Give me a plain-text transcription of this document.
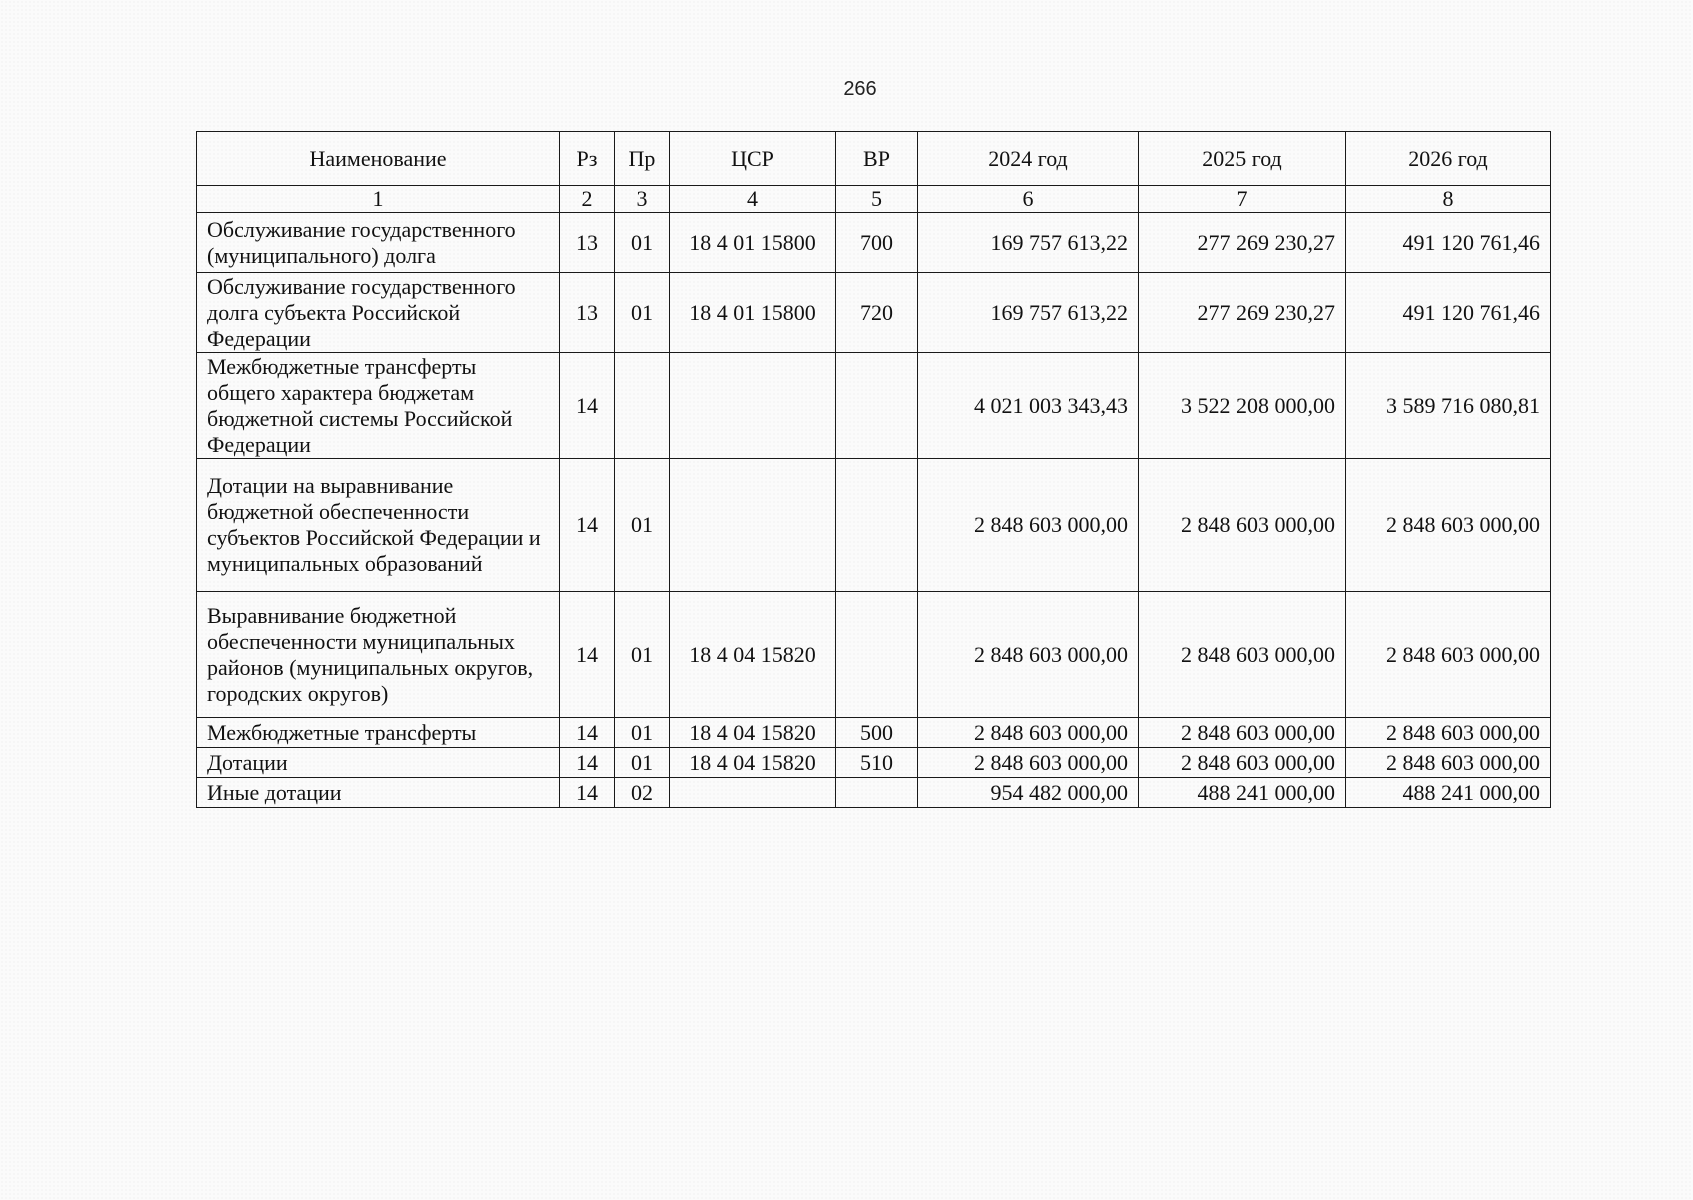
266
Наименование	Рз	Пр	ЦСР	ВР	2024 год	2025 год	2026 год
1	2	3	4	5	6	7	8
Обслуживание государственного (муниципального) долга	13	01	18 4 01 15800	700	169 757 613,22	277 269 230,27	491 120 761,46
Обслуживание государственного долга субъекта Российской Федерации	13	01	18 4 01 15800	720	169 757 613,22	277 269 230,27	491 120 761,46
Межбюджетные трансферты общего характера бюджетам бюджетной системы Российской Федерации	14				4 021 003 343,43	3 522 208 000,00	3 589 716 080,81
Дотации на выравнивание бюджетной обеспеченности субъектов Российской Федерации и муниципальных образований	14	01			2 848 603 000,00	2 848 603 000,00	2 848 603 000,00
Выравнивание бюджетной обеспеченности муниципальных районов (муниципальных округов, городских округов)	14	01	18 4 04 15820		2 848 603 000,00	2 848 603 000,00	2 848 603 000,00
Межбюджетные трансферты	14	01	18 4 04 15820	500	2 848 603 000,00	2 848 603 000,00	2 848 603 000,00
Дотации	14	01	18 4 04 15820	510	2 848 603 000,00	2 848 603 000,00	2 848 603 000,00
Иные дотации	14	02			954 482 000,00	488 241 000,00	488 241 000,00
